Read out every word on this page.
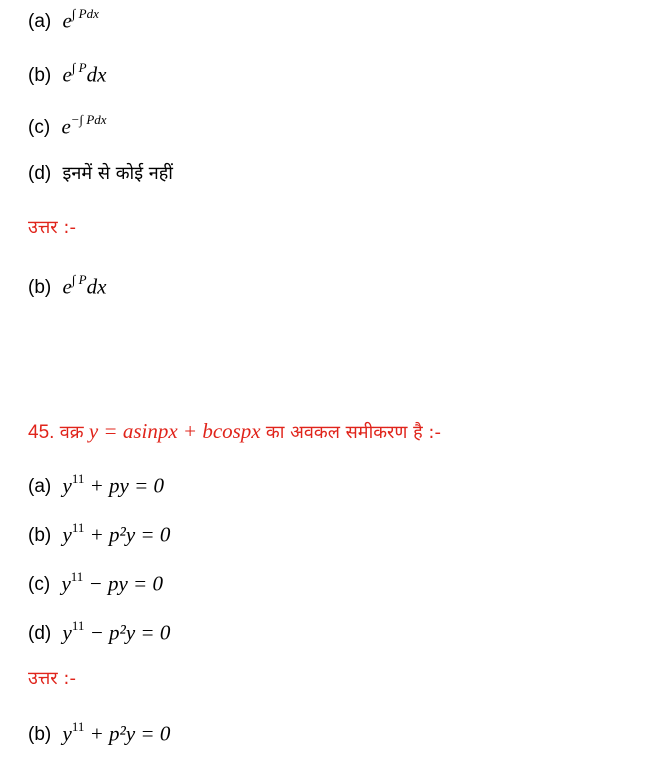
(a) $e^{\int Pdx}$
(b) $e^{\int P}dx$
(c) $e^{-\int Pdx}$
(d) इनमें से कोई नहीं
उत्तर :-
(b) $e^{\int P}dx$
45. वक्र y = asinpx + bcospx का अवकल समीकरण है :-
(a) $y^{11}$ + py = 0
(b) $y^{11} + p^2y = 0$
(c) $y^{11}$ − py = 0
(d) $y^{11} - p^2y = 0$
उत्तर :-
(b) $y^{11} + p^2y = 0$
